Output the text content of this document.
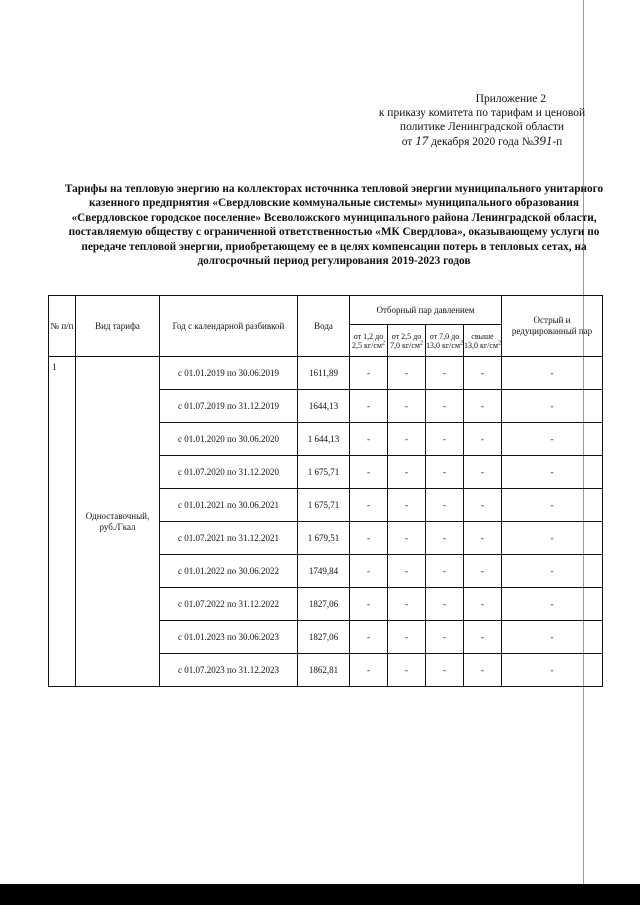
Приложение 2
к приказу комитета по тарифам и ценовой
политике Ленинградской области
от 17 декабря 2020 года №391-п
Тарифы на тепловую энергию на коллекторах источника тепловой энергии муниципального унитарного казенного предприятия «Свердловские коммунальные системы» муниципального образования «Свердловское городское поселение» Всеволожского муниципального района Ленинградской области, поставляемую обществу с ограниченной ответственностью «МК Свердлова», оказывающему услуги по передаче тепловой энергии, приобретающему ее в целях компенсации потерь в тепловых сетах, на долгосрочный период регулирования 2019-2023 годов
№ п/п	Вид тарифа	Год с календарной разбивкой	Вода	Отборный пар давлением				Острый и редуцированный пар
				от 1,2 до 2,5 $кг/см^2$	от 2,5 до 7,0 $кг/см^2$	от 7,0 до 13,0 $кг/см^2$	свыше 13,0 $кг/см^2$
1	Одноставочный, руб./Гкал	с 01.01.2019 по 30.06.2019	1611,89	-	-	-	-	-
		с 01.07.2019 по 31.12.2019	1644,13	-	-	-	-	-
		с 01.01.2020 по 30.06.2020	1 644,13	-	-	-	-	-
		с 01.07.2020 по 31.12.2020	1 675,71	-	-	-	-	-
		с 01.01.2021 по 30.06.2021	1 675,71	-	-	-	-	-
		с 01.07.2021 по 31.12.2021	1 679,51	-	-	-	-	-
		с 01.01.2022 по 30.06.2022	1749,84	-	-	-	-	-
		с 01.07.2022 по 31.12.2022	1827,06	-	-	-	-	-
		с 01.01.2023 по 30.06.2023	1827,06	-	-	-	-	-
		с 01.07.2023 по 31.12.2023	1862,81	-	-	-	-	-
